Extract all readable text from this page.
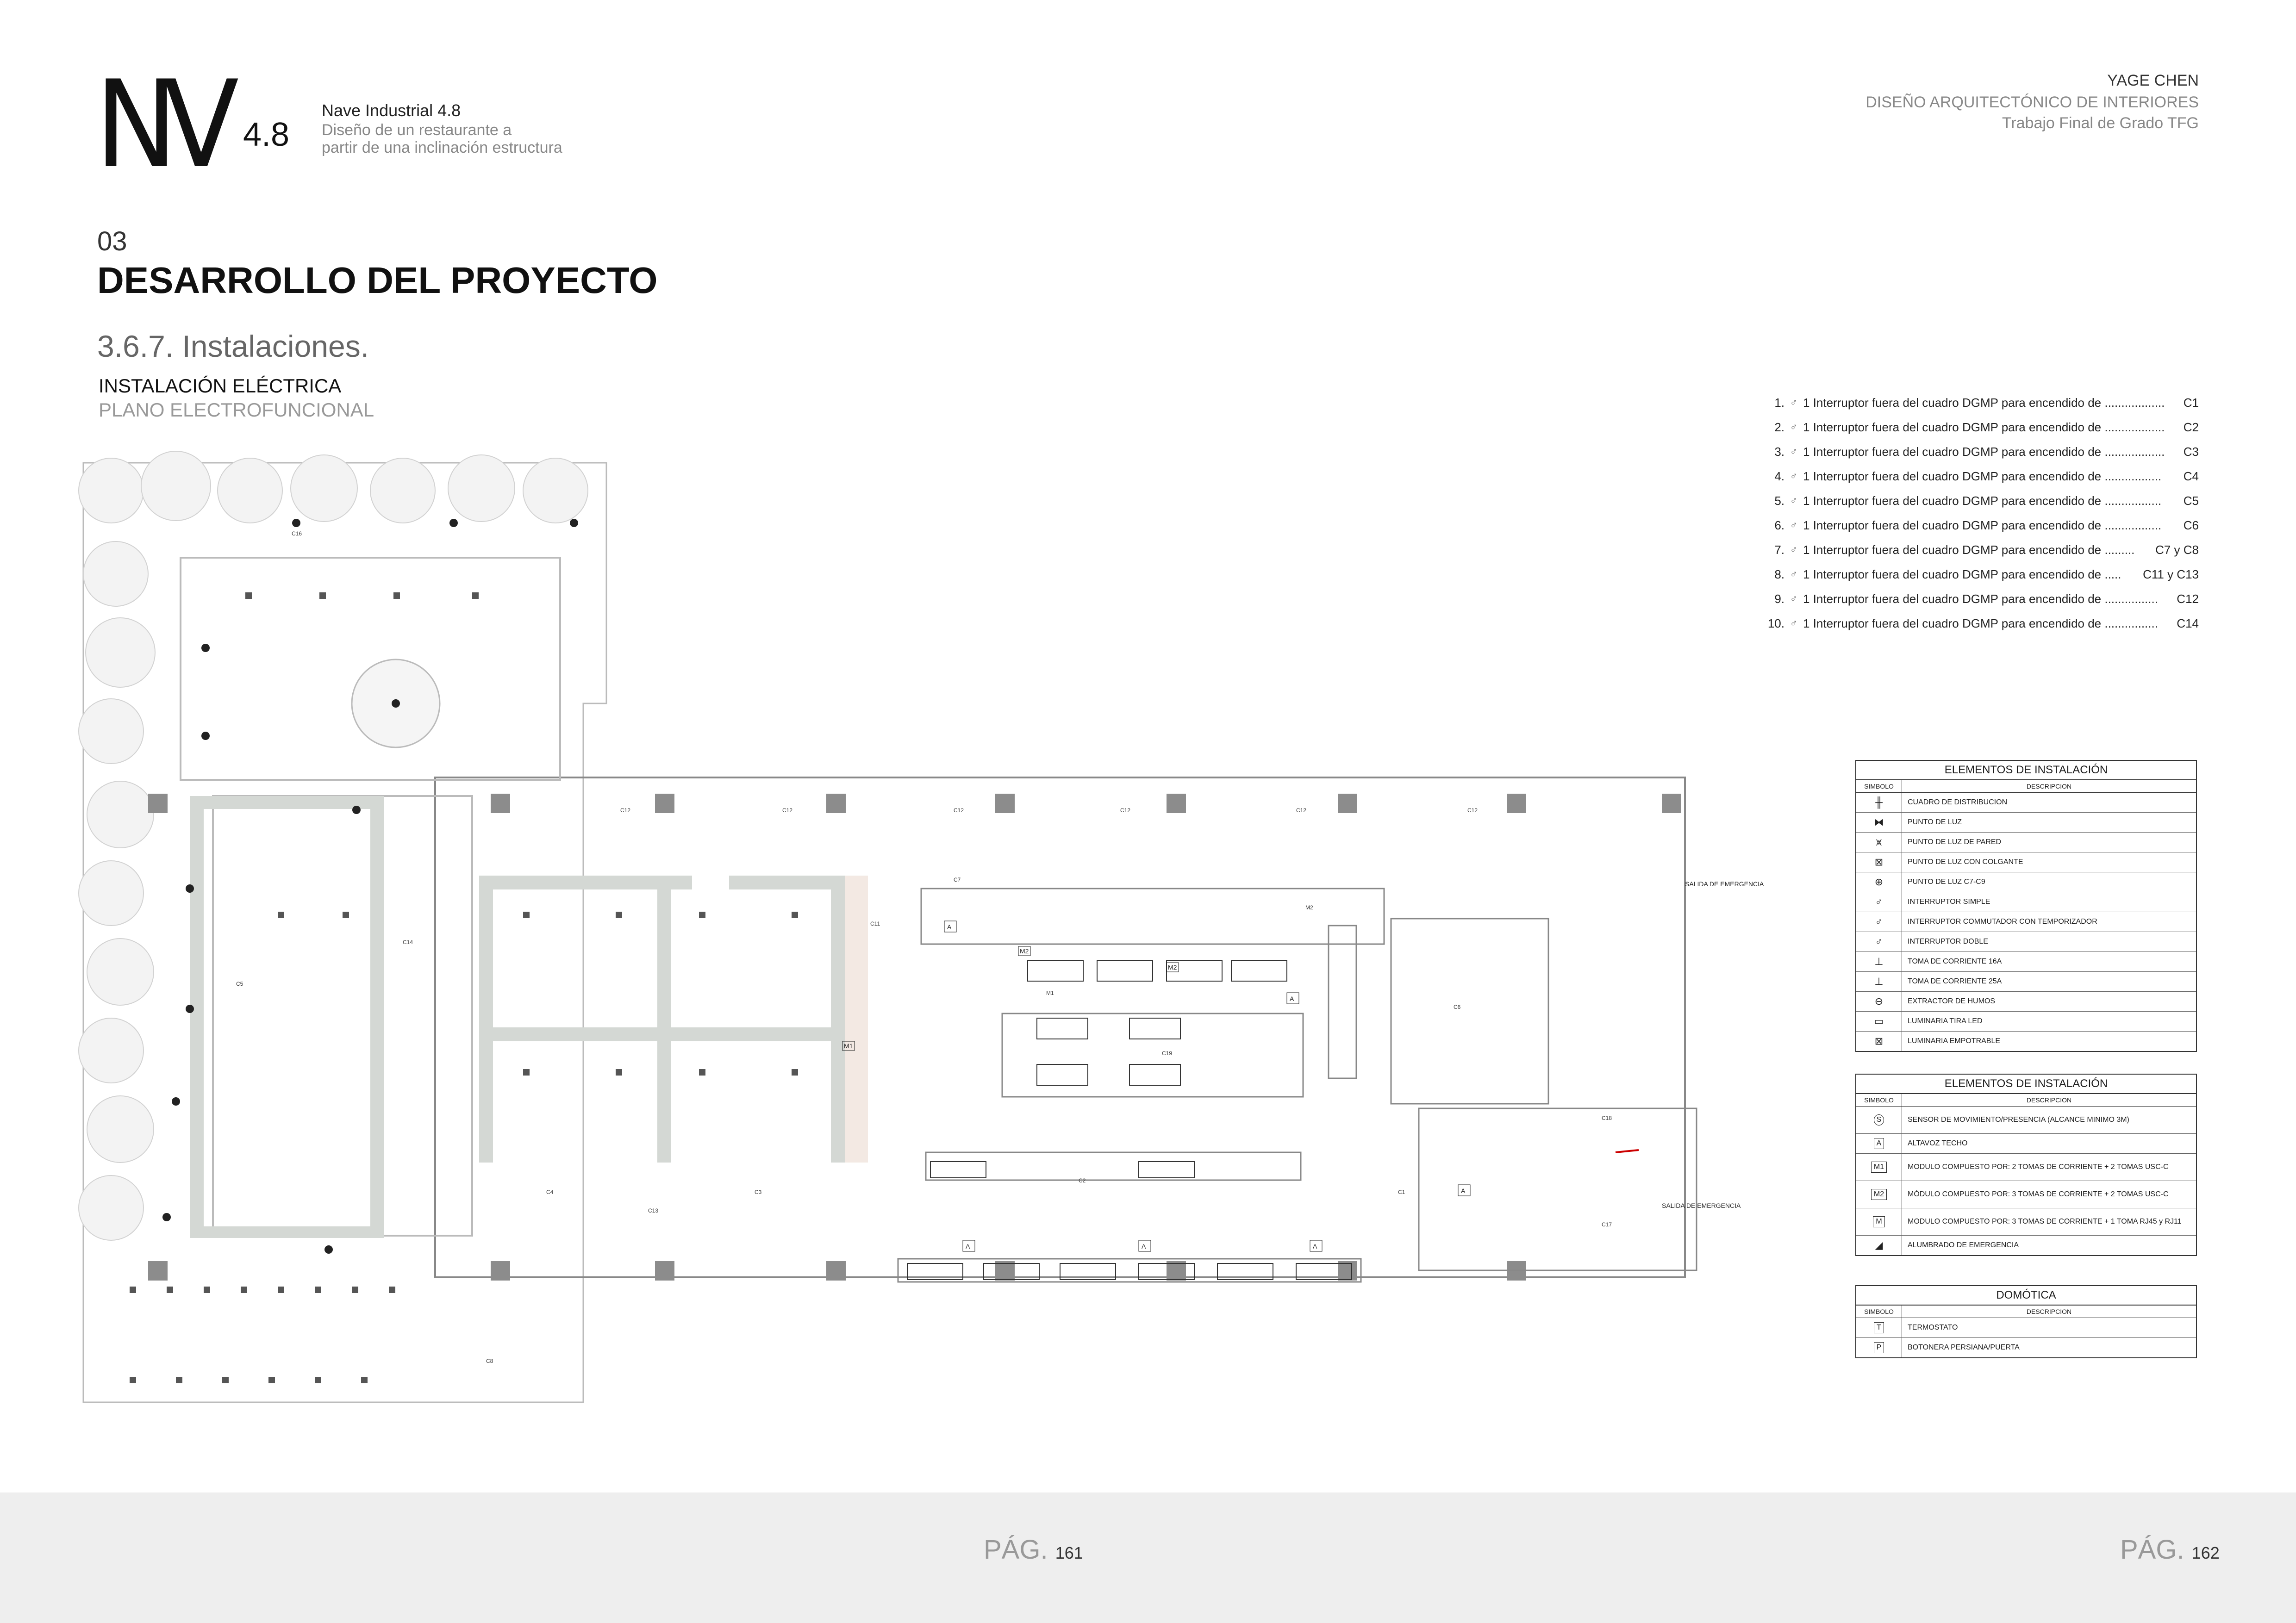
NV 4.8
Nave Industrial 4.8
Diseño de un restaurante a
partir de una inclinación estructura
YAGE CHEN
DISEÑO ARQUITECTÓNICO DE INTERIORES
Trabajo Final de Grado TFG
03
DESARROLLO DEL PROYECTO
3.6.7. Instalaciones.
INSTALACIÓN ELÉCTRICA
PLANO ELECTROFUNCIONAL	1. ♂ 1 Interruptor fuera del cuadro DGMP para encendido de ..................	C1
2. ♂ 1 Interruptor fuera del cuadro DGMP para encendido de ..................	C2
3. ♂ 1 Interruptor fuera del cuadro DGMP para encendido de ..................	C3
4. ♂ 1 Interruptor fuera del cuadro DGMP para encendido de .................	C4
5. ♂ 1 Interruptor fuera del cuadro DGMP para encendido de .................	C5
6. ♂ 1 Interruptor fuera del cuadro DGMP para encendido de .................	C6
7. ♂ 1 Interruptor fuera del cuadro DGMP para encendido de .........	C7 y C8
8. ♂ 1 Interruptor fuera del cuadro DGMP para encendido de .....	C11 y C13
9. ♂ 1 Interruptor fuera del cuadro DGMP para encendido de ................	C12
10. ♂ 1 Interruptor fuera del cuadro DGMP para encendido de ................	C14
ELEMENTOS DE INSTALACIÓN
SIMBOLO	DESCRIPCION
╫	CUADRO DE DISTRIBUCION
⧓	PUNTO DE LUZ
⩙	PUNTO DE LUZ DE PARED
⊠	PUNTO DE LUZ CON COLGANTE
⊕	PUNTO DE LUZ C7-C9
♂	INTERRUPTOR SIMPLE
♂	INTERRUPTOR COMMUTADOR CON TEMPORIZADOR
♂	INTERRUPTOR DOBLE
⊥	TOMA DE CORRIENTE 16A
⊥	TOMA DE CORRIENTE 25A
⊖	EXTRACTOR DE HUMOS
▭	LUMINARIA TIRA LED
⊠	LUMINARIA EMPOTRABLE
ELEMENTOS DE INSTALACIÓN
SIMBOLO	DESCRIPCION
S	SENSOR DE MOVIMIENTO/PRESENCIA (ALCANCE MINIMO 3M)
A	ALTAVOZ TECHO
M1	MODULO COMPUESTO POR: 2 TOMAS DE CORRIENTE + 2 TOMAS USC-C
M2	MÓDULO COMPUESTO POR: 3 TOMAS DE CORRIENTE + 2 TOMAS USC-C
M	MODULO COMPUESTO POR: 3 TOMAS DE CORRIENTE + 1 TOMA RJ45 y RJ11
◢	ALUMBRADO DE EMERGENCIA
DOMÓTICA
SIMBOLO	DESCRIPCION
T	TERMOSTATO
P	BOTONERA PERSIANA/PUERTA
SALIDA DE EMERGENCIA
SALIDA DE EMERGENCIA
C16
C12	C12	C12	C12	C12	C12
C13
C2
M1
C19
M2
C6
C1
C7
C4	C3
C5
C14
C11
C18
C17
C8
M2
M2
M1
A
A
A	A	A
A
PÁG. 161	PÁG. 162
